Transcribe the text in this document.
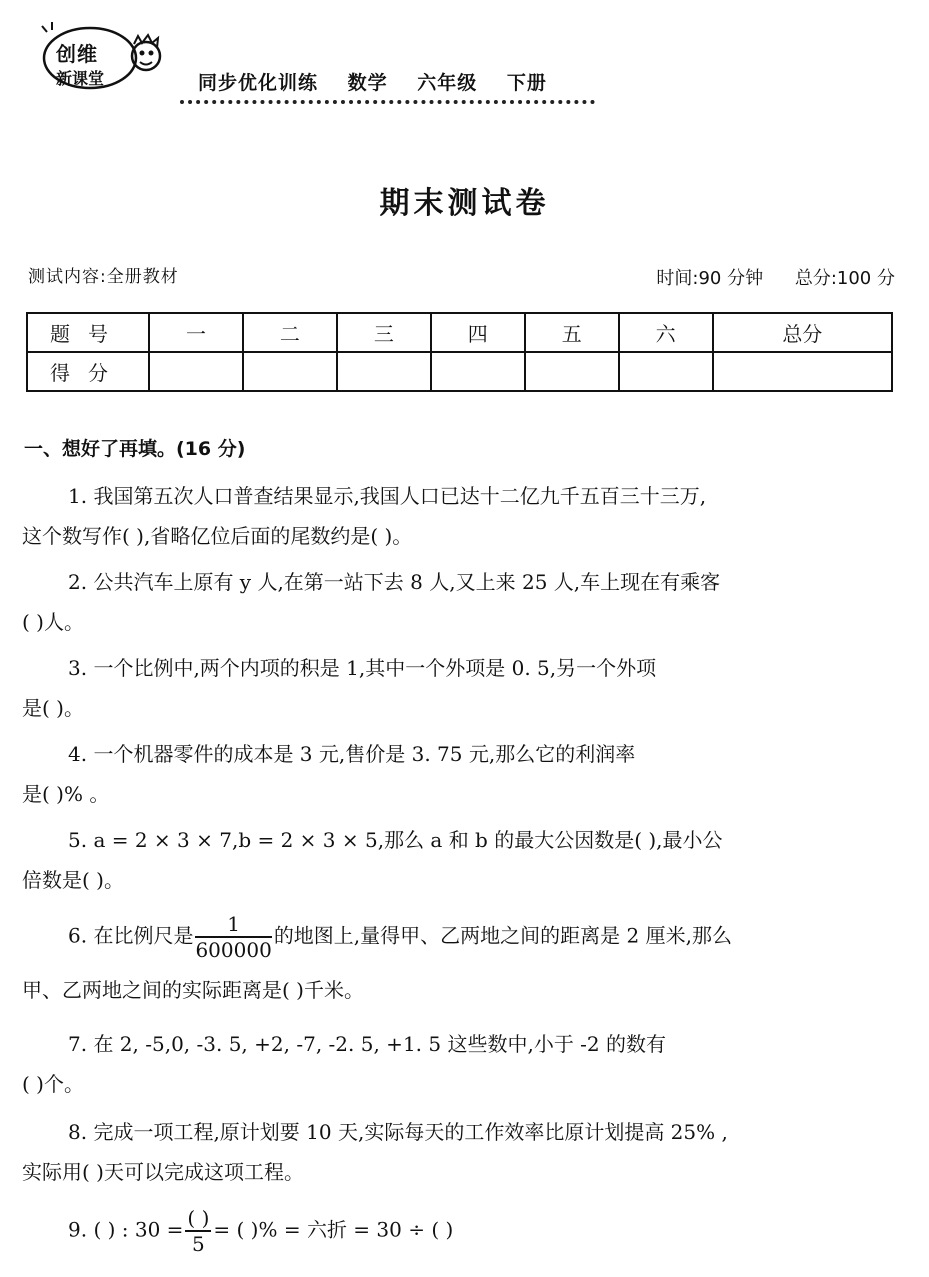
创维
新课堂	同步优化训练 数学 六年级 下册
期末测试卷
测试内容:全册教材	时间:90 分钟 总分:100 分
题号	一	二	三	四	五	六	总分
得分							
一、想好了再填。(16 分)
1. 我国第五次人口普查结果显示,我国人口已达十二亿九千五百三十三万,
这个数写作( ),省略亿位后面的尾数约是( )。
2. 公共汽车上原有 y 人,在第一站下去 8 人,又上来 25 人,车上现在有乘客
( )人。
3. 一个比例中,两个内项的积是 1,其中一个外项是 0. 5,另一个外项
是( )。
4. 一个机器零件的成本是 3 元,售价是 3. 75 元,那么它的利润率
是( )% 。
5. a = 2 × 3 × 7,b = 2 × 3 × 5,那么 a 和 b 的最大公因数是( ),最小公
倍数是( )。
6. 在比例尺是 $\frac{1}{600000}$ 的地图上,量得甲、乙两地之间的距离是 2 厘米,那么
甲、乙两地之间的实际距离是( )千米。
7. 在 2, -5,0, -3. 5, +2, -7, -2. 5, +1. 5 这些数中,小于 -2 的数有
( )个。
8. 完成一项工程,原计划要 10 天,实际每天的工作效率比原计划提高 25% ,
实际用( )天可以完成这项工程。
9. ( ) : $30 = \frac{( )}{5}$ = ( )% = 六折 = 30 ÷ ( )
